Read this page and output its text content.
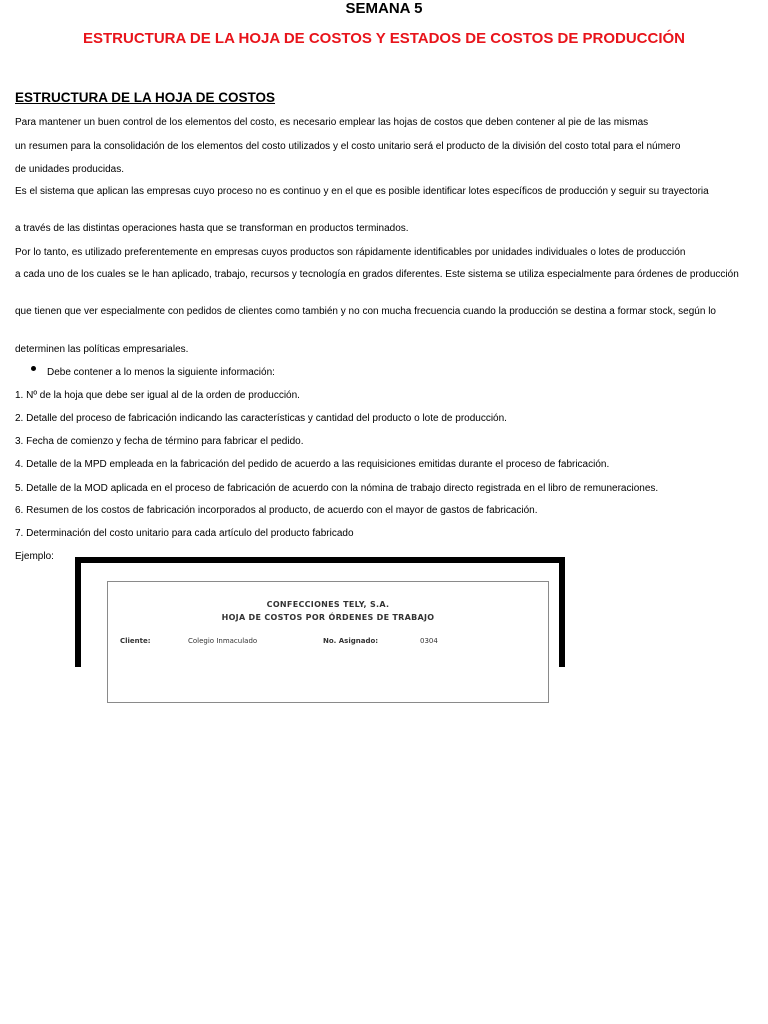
SEMANA 5
ESTRUCTURA DE LA HOJA DE COSTOS Y ESTADOS DE COSTOS DE PRODUCCIÓN
ESTRUCTURA DE LA HOJA DE COSTOS
Para mantener un buen control de los elementos del costo, es necesario emplear las hojas de costos que deben contener al pie de las mismas
un resumen para la consolidación de los elementos del costo utilizados y el costo unitario será el producto de la división del costo total para el número
de unidades producidas.
Es el sistema que aplican las empresas cuyo proceso no es continuo y en el que es posible identificar lotes específicos de producción y seguir su trayectoria
a través de las distintas operaciones hasta que se transforman en productos terminados.
Por lo tanto, es utilizado preferentemente en empresas cuyos productos son rápidamente identificables por unidades individuales o lotes de producción
a cada uno de los cuales se le han aplicado, trabajo, recursos y tecnología en grados diferentes. Este sistema se utiliza especialmente para órdenes de producción
que tienen que ver especialmente con pedidos de clientes como también y no con mucha frecuencia cuando la producción se destina a formar stock, según lo
determinen las políticas empresariales.
Debe contener a lo menos la siguiente información:
1. Nº de la hoja que debe ser igual al de la orden de producción.
2. Detalle del proceso de fabricación indicando las características y cantidad del producto o lote de producción.
3. Fecha de comienzo y fecha de término para fabricar el pedido.
4. Detalle de la MPD empleada en la fabricación del pedido de acuerdo a las requisiciones emitidas durante el proceso de fabricación.
5. Detalle de la MOD aplicada en el proceso de fabricación de acuerdo con la nómina de trabajo directo registrada en el libro de remuneraciones.
6. Resumen de los costos de fabricación incorporados al producto, de acuerdo con el mayor de gastos de fabricación.
7. Determinación del costo unitario para cada artículo del producto fabricado
Ejemplo:
CONFECCIONES TELY, S.A.
HOJA DE COSTOS POR ÓRDENES DE TRABAJO
Cliente:	Colegio Inmaculado	No. Asignado:	0304
